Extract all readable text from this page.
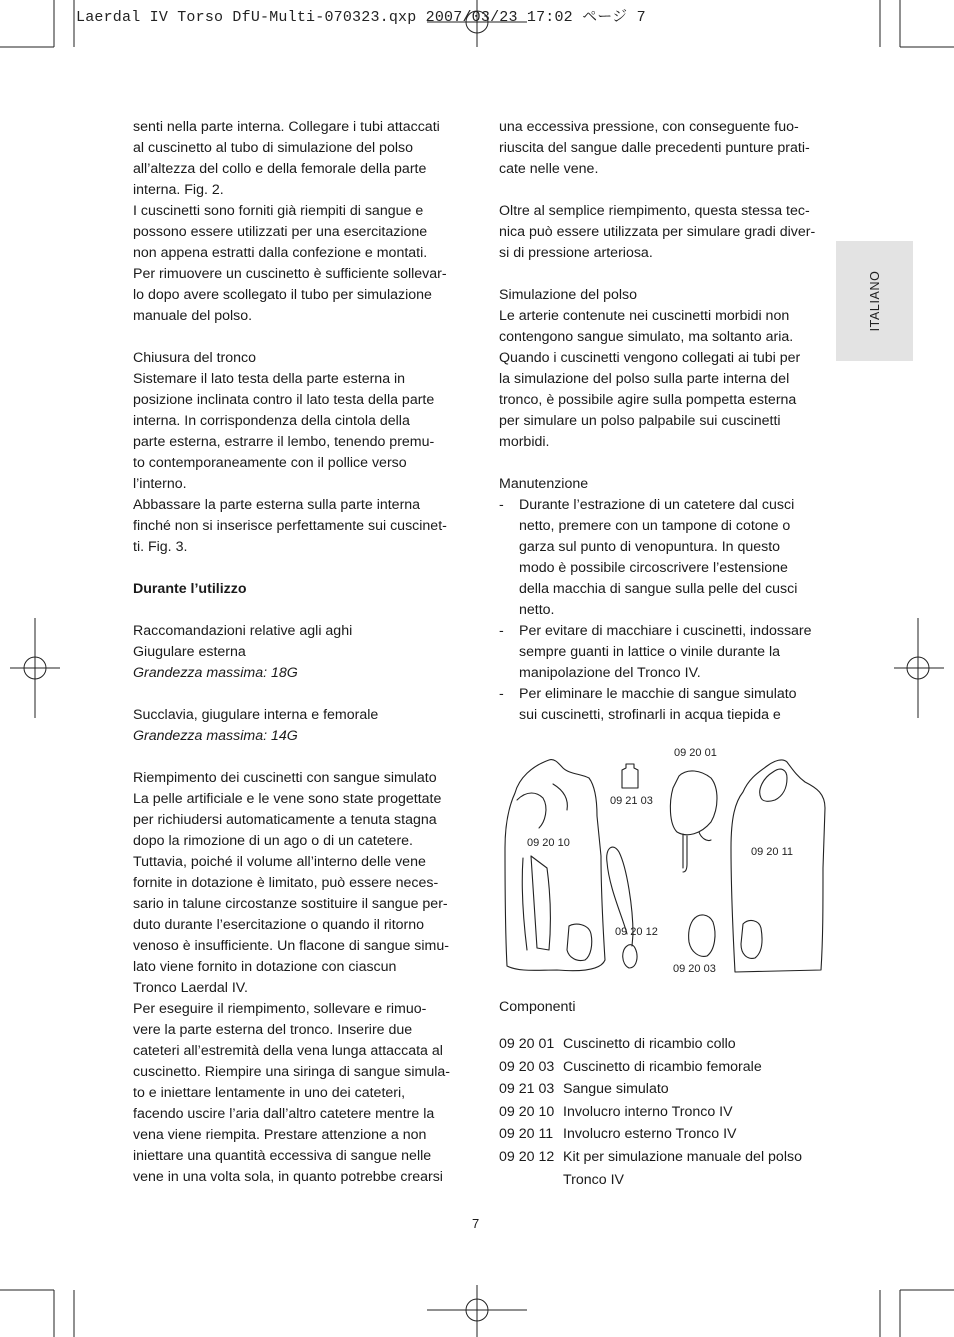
Laerdal IV Torso DfU-Multi-070323.qxp 2007/03/23 17:02 ページ 7
ITALIANO

senti nella parte interna. Collegare i tubi attaccati

al cuscinetto al tubo di simulazione del polso

all’altezza del collo e della femorale della parte

interna. Fig. 2.

I cuscinetti sono forniti già riempiti di sangue e

possono essere utilizzati per una esercitazione

non appena estratti dalla confezione e montati.

Per rimuovere un cuscinetto è sufficiente sollevar-

lo dopo avere scollegato il tubo per simulazione

manuale del polso.

Chiusura del tronco

Sistemare il lato testa della parte esterna in

posizione inclinata contro il lato testa della parte

interna. In corrispondenza della cintola della

parte esterna, estrarre il lembo, tenendo premu-

to contemporaneamente con il pollice verso

l’interno.

Abbassare la parte esterna sulla parte interna

finché non si inserisce perfettamente sui cuscinet-

ti. Fig. 3.

Durante l’utilizzo

Raccomandazioni relative agli aghi

Giugulare esterna

Grandezza massima: 18G

Succlavia, giugulare interna e femorale

Grandezza massima: 14G

Riempimento dei cuscinetti con sangue simulato

La pelle artificiale e le vene sono state progettate

per richiudersi automaticamente a tenuta stagna

dopo la rimozione di un ago o di un catetere.

Tuttavia, poiché il volume all’interno delle vene

fornite in dotazione è limitato, può essere neces-

sario in talune circostanze sostituire il sangue per-

duto durante l’esercitazione o quando il ritorno

venoso è insufficiente. Un flacone di sangue simu-

lato viene fornito in dotazione con ciascun

Tronco Laerdal IV.

Per eseguire il riempimento, sollevare e rimuo-

vere la parte esterna del tronco. Inserire due

cateteri all’estremità della vena lunga attaccata al

cuscinetto. Riempire una siringa di sangue simula-

to e iniettare lentamente in uno dei cateteri,

facendo uscire l’aria dall’altro catetere mentre la

vena viene riempita. Prestare attenzione a non

iniettare una quantità eccessiva di sangue nelle

vene in una volta sola, in quanto potrebbe crearsi

una eccessiva pressione, con conseguente fuo-

riuscita del sangue dalle precedenti punture prati-

cate nelle vene.

Oltre al semplice riempimento, questa stessa tec-

nica può essere utilizzata per simulare gradi diver-

si di pressione arteriosa.

Simulazione del polso

Le arterie contenute nei cuscinetti morbidi non

contengono sangue simulato, ma soltanto aria.

Quando i cuscinetti vengono collegati ai tubi per

la simulazione del polso sulla parte interna del

tronco, è possibile agire sulla pompetta esterna

per simulare un polso palpabile sui cuscinetti

morbidi.

Manutenzione

-	Durante l’estrazione di un catetere dal cusci

netto, premere con un tampone di cotone o

garza sul punto di venopuntura. In questo

modo è possibile circoscrivere l’estensione

della macchia di sangue sulla pelle del cusci

netto.

-	Per evitare di macchiare i cuscinetti, indossare

sempre guanti in lattice o vinile durante la

manipolazione del Tronco IV.

-	Per eliminare le macchie di sangue simulato

sui cuscinetti, strofinarli in acqua tiepida e

09 20 01
09 21 03
09 20 10
09 20 11
09 20 12
09 20 03
Componenti
09 20 01 Cuscinetto di ricambio collo
09 20 03 Cuscinetto di ricambio femorale
09 21 03 Sangue simulato
09 20 10 Involucro interno Tronco IV
09 20 11 Involucro esterno Tronco IV
09 20 12 Kit per simulazione manuale del polso Tronco IV
7
